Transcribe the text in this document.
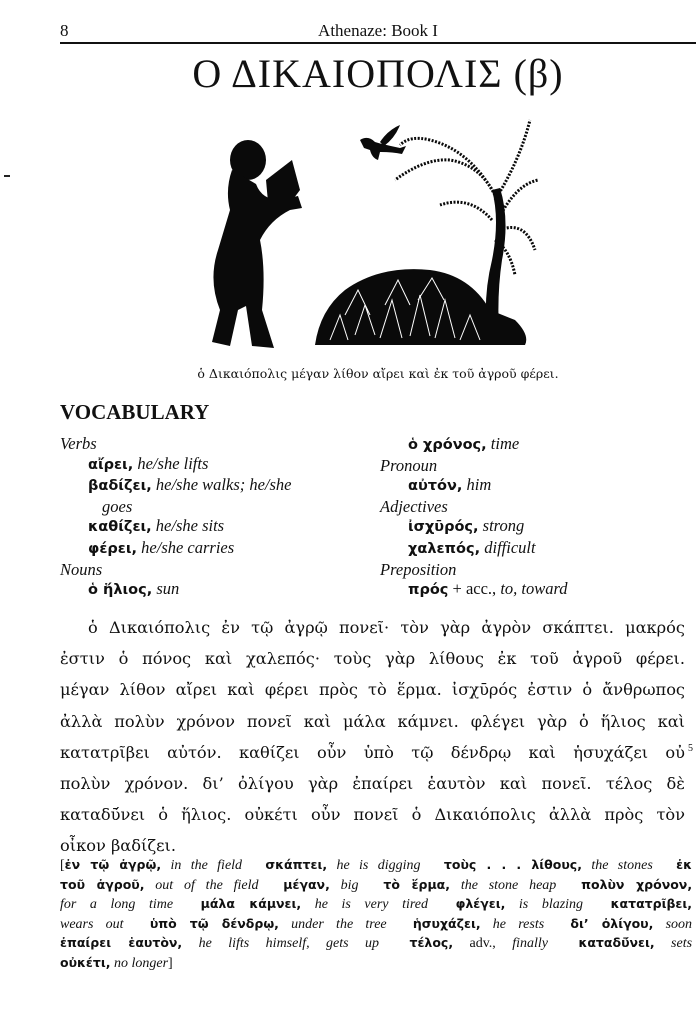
8	Athenaze: Book I
Ο ΔΙΚΑΙΟΠΟΛΙΣ (β)
ὁ Δικαιόπολις μέγαν λίθον αἴρει καὶ ἐκ τοῦ ἀγροῦ φέρει.
VOCABULARY
Verbs
αἴρει, he/she lifts
βαδίζει, he/she walks; he/she
goes
καθίζει, he/she sits
φέρει, he/she carries
Nouns
ὁ ἥλιος, sun
ὁ χρόνος, time
Pronoun
αὐτόν, him
Adjectives
ἰσχῡρός, strong
χαλεπός, difficult
Preposition
πρός + acc., to, toward
ὁ Δικαιόπολις ἐν τῷ ἀγρῷ πονεῖ· τὸν γὰρ ἀγρὸν σκάπτει. μακρός
ἐστιν ὁ πόνος καὶ χαλεπός· τοὺς γὰρ λίθους ἐκ τοῦ ἀγροῦ φέρει.
μέγαν λίθον αἴρει καὶ φέρει πρὸς τὸ ἕρμα. ἰσχῡρός ἐστιν ὁ ἄνθρωπος
ἀλλὰ πολὺν χρόνον πονεῖ καὶ μάλα κάμνει. φλέγει γὰρ ὁ ἥλιος καὶ
κατατρῖβει αὐτόν. καθίζει οὖν ὑπὸ τῷ δένδρῳ καὶ ἡσυχάζει οὐ
πολὺν χρόνον. δι’ ὀλίγου γὰρ ἐπαίρει ἑαυτὸν καὶ πονεῖ. τέλος δὲ
καταδῡ́νει ὁ ἥλιος. οὐκέτι οὖν πονεῖ ὁ Δικαιόπολις ἀλλὰ πρὸς τὸν
οἶκον βαδίζει.
5
[ἐν τῷ ἀγρῷ, in the field σκάπτει, he is digging τοὺς . . . λίθους, the stones ἐκ
τοῦ ἀγροῦ, out of the field μέγαν, big τὸ ἕρμα, the stone heap πολὺν χρόνον,
for a long time μάλα κάμνει, he is very tired φλέγει, is blazing κατατρῖβει,
wears out ὑπὸ τῷ δένδρῳ, under the tree ἡσυχάζει, he rests δι’ ὀλίγου, soon
ἐπαίρει ἑαυτὸν, he lifts himself, gets up τέλος, adv., finally καταδῡ́νει, sets
οὐκέτι, no longer]
